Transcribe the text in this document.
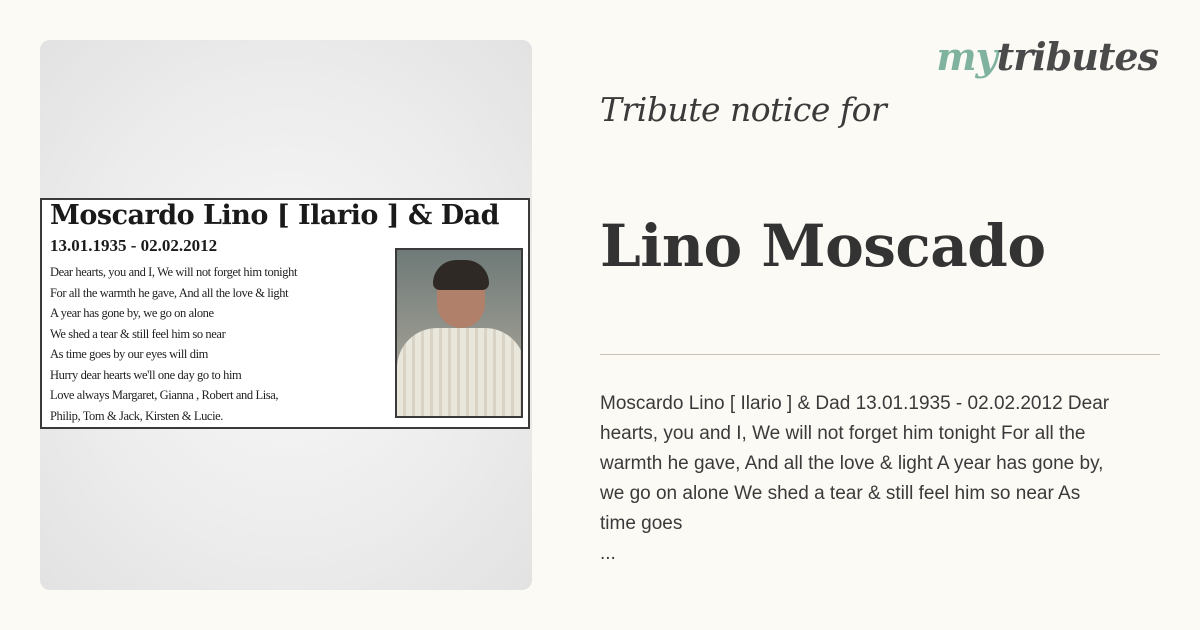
Moscardo Lino [ Ilario ] & Dad
13.01.1935 - 02.02.2012
Dear hearts, you and I, We will not forget him tonight
For all the warmth he gave, And all the love & light
A year has gone by, we go on alone
We shed a tear & still feel him so near
As time goes by our eyes will dim
Hurry dear hearts we'll one day go to him
Love always Margaret, Gianna , Robert and Lisa,
Philip, Tom & Jack, Kirsten & Lucie.
mytributes
Tribute notice for
Lino Moscado
Moscardo Lino [ Ilario ] & Dad 13.01.1935 - 02.02.2012 Dear hearts, you and I, We will not forget him tonight For all the warmth he gave, And all the love & light A year has gone by, we go on alone We shed a tear & still feel him so near As time goes
...
